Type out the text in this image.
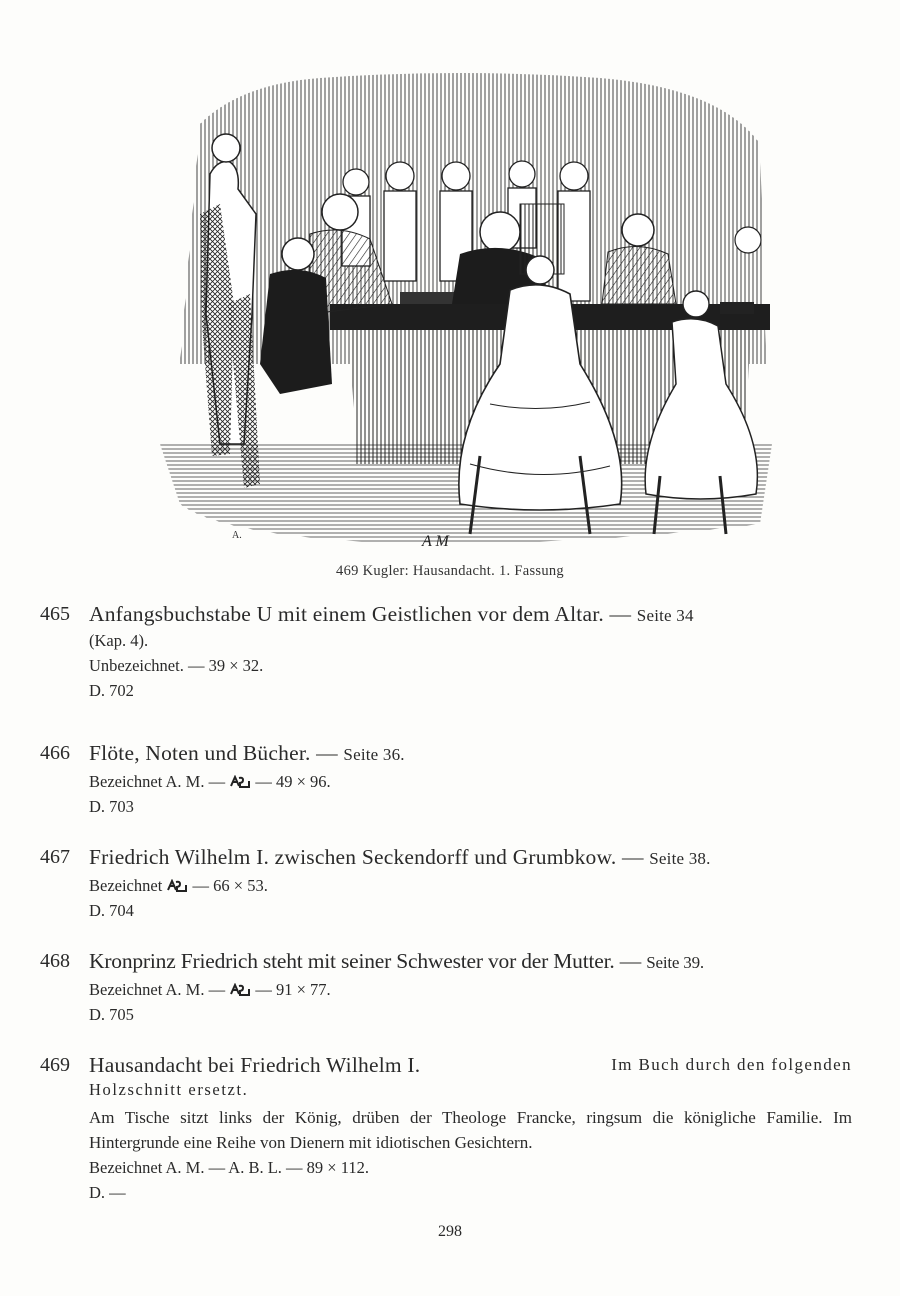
A.	A M
469 Kugler: Hausandacht. 1. Fassung
465 Anfangsbuchstabe U mit einem Geistlichen vor dem Altar. — Seite 34
(Kap. 4).
Unbezeichnet. — 39 × 32.
D. 702
466 Flöte, Noten und Bücher. — Seite 36.
Bezeichnet A. M. — — 49 × 96.
D. 703
467 Friedrich Wilhelm I. zwischen Seckendorff und Grumbkow. — Seite 38.
Bezeichnet — 66 × 53.
D. 704
468 Kronprinz Friedrich steht mit seiner Schwester vor der Mutter. — Seite 39.
Bezeichnet A. M. — — 91 × 77.
D. 705
469 Hausandacht bei Friedrich Wilhelm I.	Im Buch durch den folgenden
Holzschnitt ersetzt.
Am Tische sitzt links der König, drüben der Theologe Francke, ringsum die königliche Familie. Im Hintergrunde eine Reihe von Dienern mit idiotischen Gesichtern.
Bezeichnet A. M. — A. B. L. — 89 × 112.
D. —
298
